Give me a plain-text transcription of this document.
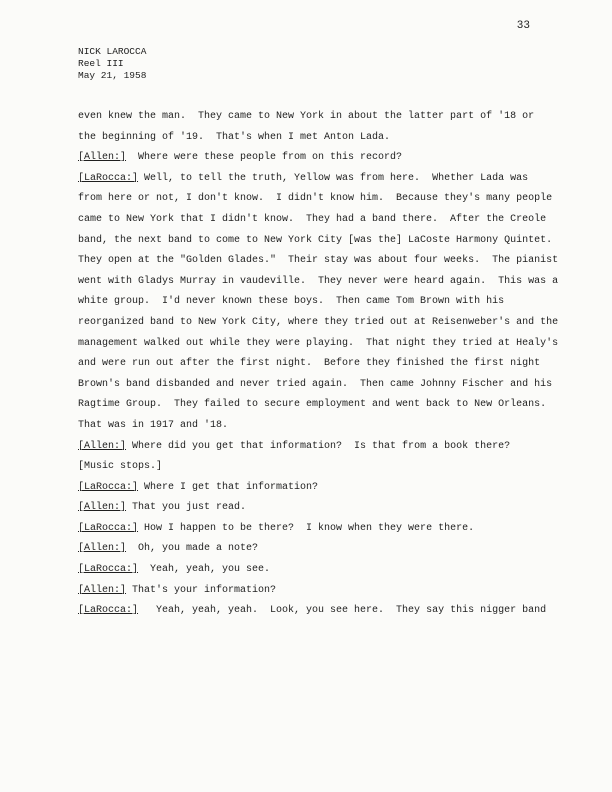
33
NICK LAROCCA
Reel III
May 21, 1958
even knew the man.  They came to New York in about the latter part of '18 or
the beginning of '19.  That's when I met Anton Lada.
[Allen:]  Where were these people from on this record?
[LaRocca:] Well, to tell the truth, Yellow was from here.  Whether Lada was
from here or not, I don't know.  I didn't know him.  Because they's many people
came to New York that I didn't know.  They had a band there.  After the Creole
band, the next band to come to New York City [was the] LaCoste Harmony Quintet.
They open at the "Golden Glades."  Their stay was about four weeks.  The pianist
went with Gladys Murray in vaudeville.  They never were heard again.  This was a
white group.  I'd never known these boys.  Then came Tom Brown with his
reorganized band to New York City, where they tried out at Reisenweber's and the
management walked out while they were playing.  That night they tried at Healy's
and were run out after the first night.  Before they finished the first night
Brown's band disbanded and never tried again.  Then came Johnny Fischer and his
Ragtime Group.  They failed to secure employment and went back to New Orleans.
That was in 1917 and '18.
[Allen:] Where did you get that information?  Is that from a book there?
[Music stops.]
[LaRocca:] Where I get that information?
[Allen:] That you just read.
[LaRocca:] How I happen to be there?  I know when they were there.
[Allen:]  Oh, you made a note?
[LaRocca:]  Yeah, yeah, you see.
[Allen:] That's your information?
[LaRocca:]   Yeah, yeah, yeah.  Look, you see here.  They say this nigger band
